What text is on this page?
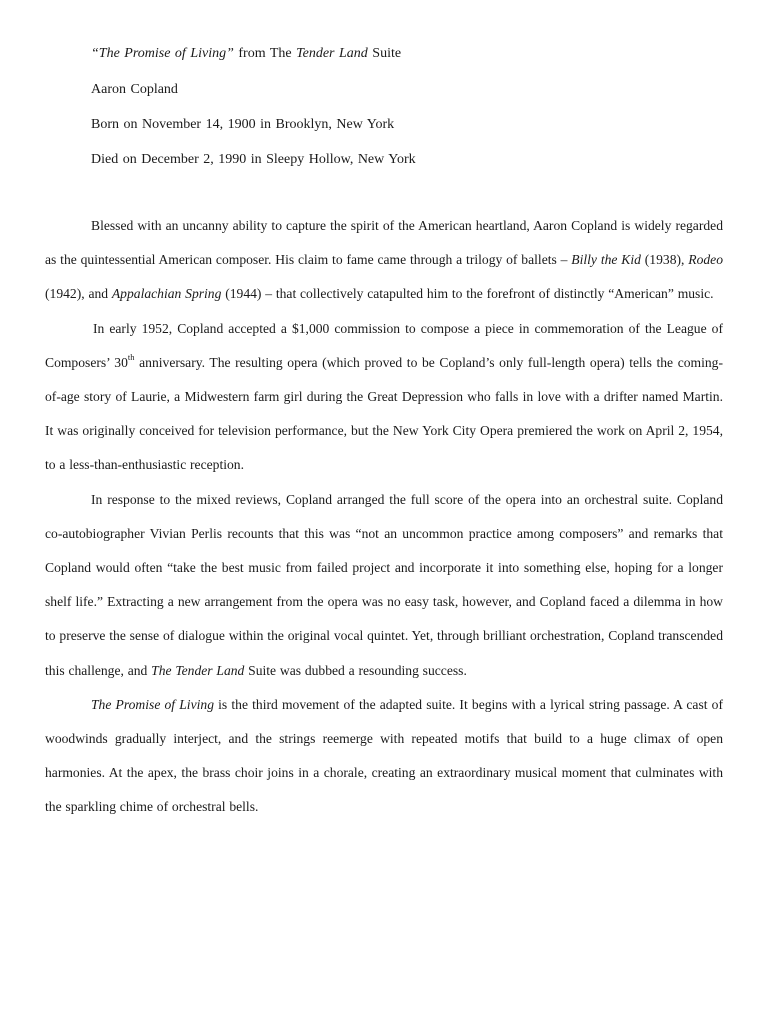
“The Promise of Living” from The Tender Land Suite
Aaron Copland
Born on November 14, 1900 in Brooklyn, New York
Died on December 2, 1990 in Sleepy Hollow, New York

Blessed with an uncanny ability to capture the spirit of the American heartland, Aaron Copland is widely regarded as the quintessential American composer. His claim to fame came through a trilogy of ballets – Billy the Kid (1938), Rodeo (1942), and Appalachian Spring (1944) – that collectively catapulted him to the forefront of distinctly “American” music.

In early 1952, Copland accepted a $1,000 commission to compose a piece in commemoration of the League of Composers’ 30th anniversary. The resulting opera (which proved to be Copland’s only full-length opera) tells the coming-of-age story of Laurie, a Midwestern farm girl during the Great Depression who falls in love with a drifter named Martin. It was originally conceived for television performance, but the New York City Opera premiered the work on April 2, 1954, to a less-than-enthusiastic reception.

In response to the mixed reviews, Copland arranged the full score of the opera into an orchestral suite. Copland co-autobiographer Vivian Perlis recounts that this was “not an uncommon practice among composers” and remarks that Copland would often “take the best music from failed project and incorporate it into something else, hoping for a longer shelf life.” Extracting a new arrangement from the opera was no easy task, however, and Copland faced a dilemma in how to preserve the sense of dialogue within the original vocal quintet. Yet, through brilliant orchestration, Copland transcended this challenge, and The Tender Land Suite was dubbed a resounding success.

The Promise of Living is the third movement of the adapted suite. It begins with a lyrical string passage. A cast of woodwinds gradually interject, and the strings reemerge with repeated motifs that build to a huge climax of open harmonies. At the apex, the brass choir joins in a chorale, creating an extraordinary musical moment that culminates with the sparkling chime of orchestral bells.
